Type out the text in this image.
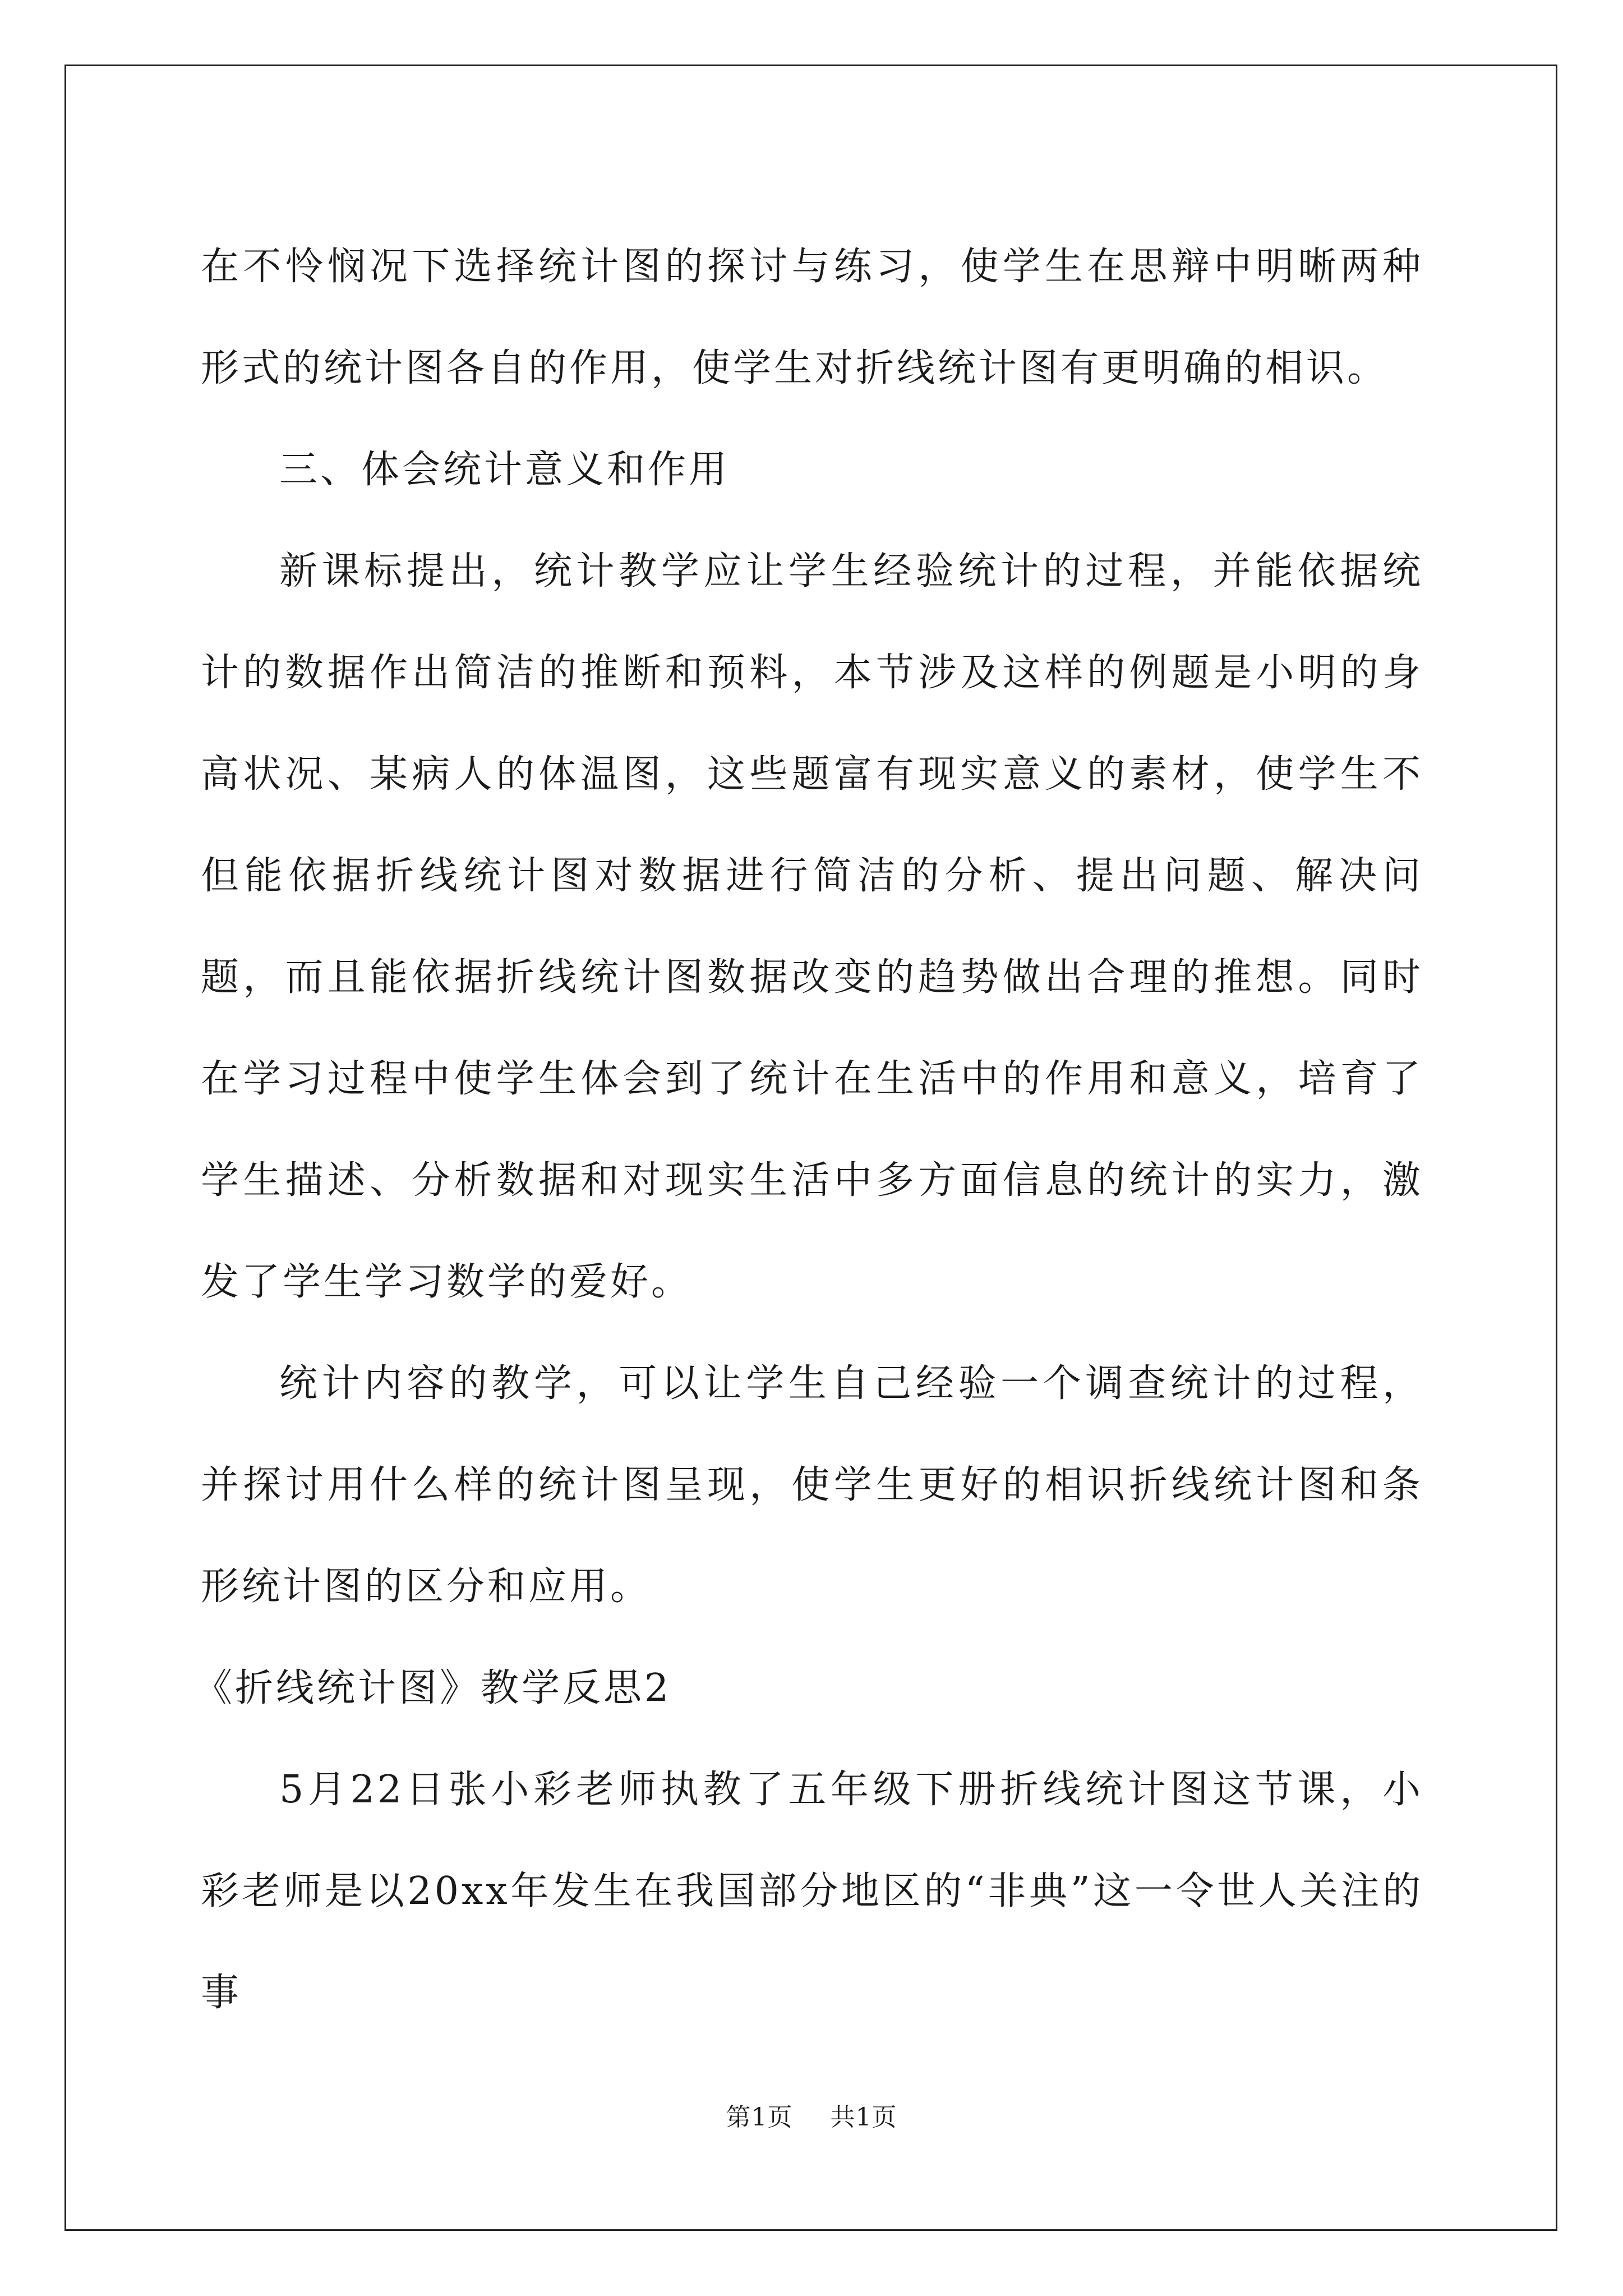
在不怜悯况下选择统计图的探讨与练习，使学生在思辩中明晰两种形式的统计图各自的作用，使学生对折线统计图有更明确的相识。

三、体会统计意义和作用

新课标提出，统计教学应让学生经验统计的过程，并能依据统计的数据作出简洁的推断和预料，本节涉及这样的例题是小明的身高状况、某病人的体温图，这些题富有现实意义的素材，使学生不但能依据折线统计图对数据进行简洁的分析、提出问题、解决问题，而且能依据折线统计图数据改变的趋势做出合理的推想。同时在学习过程中使学生体会到了统计在生活中的作用和意义，培育了学生描述、分析数据和对现实生活中多方面信息的统计的实力，激发了学生学习数学的爱好。

统计内容的教学，可以让学生自己经验一个调查统计的过程，并探讨用什么样的统计图呈现，使学生更好的相识折线统计图和条形统计图的区分和应用。

《折线统计图》教学反思2

5月22日张小彩老师执教了五年级下册折线统计图这节课，小彩老师是以20xx年发生在我国部分地区的“非典”这一令世人关注的事

第1页 共1页
